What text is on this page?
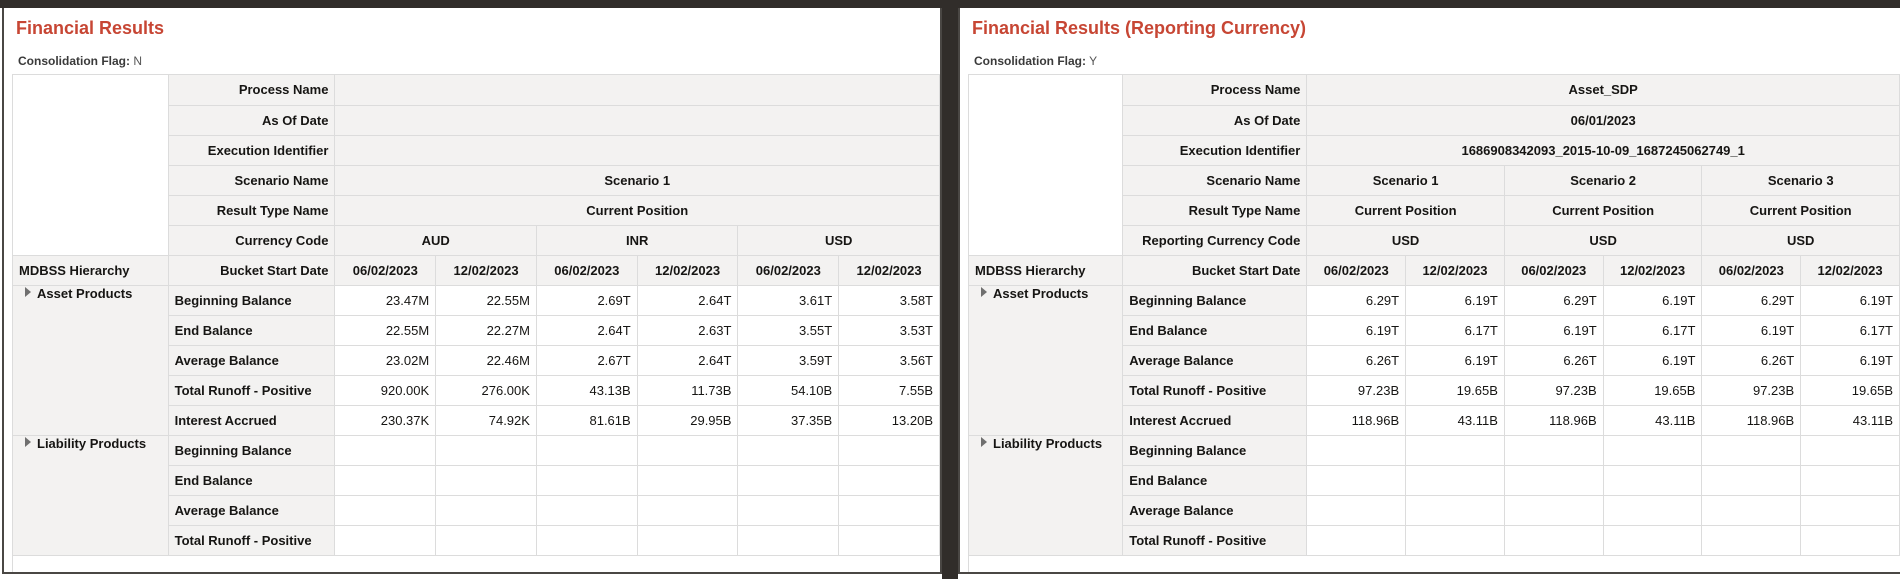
Financial Results
Consolidation Flag: N
	Process Name						
	As Of Date						
	Execution Identifier						
	Scenario Name	Scenario 1					
	Result Type Name	Current Position					
	Currency Code	AUD		INR		USD	
MDBSS Hierarchy	Bucket Start Date	06/02/2023	12/02/2023	06/02/2023	12/02/2023	06/02/2023	12/02/2023
Asset Products	Beginning Balance	23.47M	22.55M	2.69T	2.64T	3.61T	3.58T
	End Balance	22.55M	22.27M	2.64T	2.63T	3.55T	3.53T
	Average Balance	23.02M	22.46M	2.67T	2.64T	3.59T	3.56T
	Total Runoff - Positive	920.00K	276.00K	43.13B	11.73B	54.10B	7.55B
	Interest Accrued	230.37K	74.92K	81.61B	29.95B	37.35B	13.20B
Liability Products	Beginning Balance						
	End Balance						
	Average Balance						
	Total Runoff - Positive						
Financial Results (Reporting Currency)
Consolidation Flag: Y
	Process Name	Asset_SDP					
	As Of Date	06/01/2023					
	Execution Identifier	1686908342093_2015-10-09_1687245062749_1					
	Scenario Name	Scenario 1		Scenario 2		Scenario 3	
	Result Type Name	Current Position		Current Position		Current Position	
	Reporting Currency Code	USD		USD		USD	
MDBSS Hierarchy	Bucket Start Date	06/02/2023	12/02/2023	06/02/2023	12/02/2023	06/02/2023	12/02/2023
Asset Products	Beginning Balance	6.29T	6.19T	6.29T	6.19T	6.29T	6.19T
	End Balance	6.19T	6.17T	6.19T	6.17T	6.19T	6.17T
	Average Balance	6.26T	6.19T	6.26T	6.19T	6.26T	6.19T
	Total Runoff - Positive	97.23B	19.65B	97.23B	19.65B	97.23B	19.65B
	Interest Accrued	118.96B	43.11B	118.96B	43.11B	118.96B	43.11B
Liability Products	Beginning Balance						
	End Balance						
	Average Balance						
	Total Runoff - Positive						
